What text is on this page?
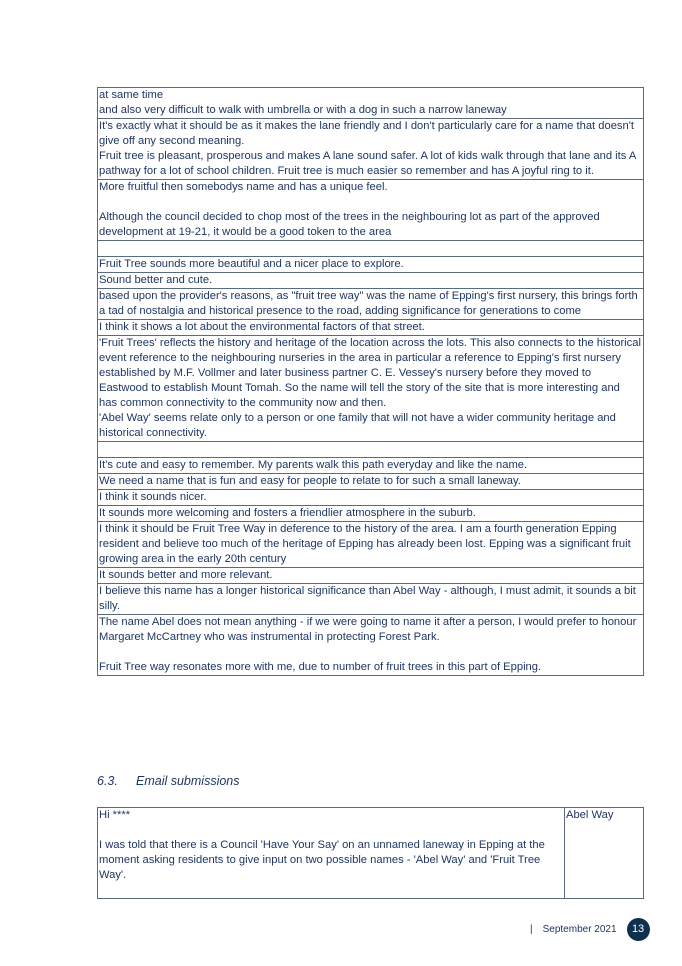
at same time
and also very difficult to walk with umbrella or with a dog in such a narrow laneway

It's exactly what it should be as it makes the lane friendly and I don't particularly care for a name that doesn't give off any second meaning.
Fruit tree is pleasant, prosperous and makes A lane sound safer. A lot of kids walk through that lane and its A pathway for a lot of school children. Fruit tree is much easier so remember and has A joyful ring to it.

More fruitful then somebodys name and has a unique feel.
Although the council decided to chop most of the trees in the neighbouring lot as part of the approved development at 19-21, it would be a good token to the area

Fruit Tree sounds more beautiful and a nicer place to explore.

Sound better and cute.

based upon the provider's reasons, as "fruit tree way" was the name of Epping's first nursery, this brings forth a tad of nostalgia and historical presence to the road, adding significance for generations to come

I think it shows a lot about the environmental factors of that street.

'Fruit Trees' reflects the history and heritage of the location across the lots. This also connects to the historical event reference to the neighbouring nurseries in the area in particular a reference to Epping's first nursery established by M.F. Vollmer and later business partner C. E. Vessey's nursery before they moved to Eastwood to establish Mount Tomah. So the name will tell the story of the site that is more interesting and has common connectivity to the community now and then.
'Abel Way' seems relate only to a person or one family that will not have a wider community heritage and historical connectivity.

It's cute and easy to remember. My parents walk this path everyday and like the name.

We need a name that is fun and easy for people to relate to for such a small laneway.

I think it sounds nicer.

It sounds more welcoming and fosters a friendlier atmosphere in the suburb.

I think it should be Fruit Tree Way in deference to the history of the area. I am a fourth generation Epping resident and believe too much of the heritage of Epping has already been lost. Epping was a significant fruit growing area in the early 20th century

It sounds better and more relevant.

I believe this name has a longer historical significance than Abel Way - although, I must admit, it sounds a bit silly.

The name Abel does not mean anything - if we were going to name it after a person, I would prefer to honour Margaret McCartney who was instrumental in protecting Forest Park.
Fruit Tree way resonates more with me, due to number of fruit trees in this part of Epping.
6.3. Email submissions
Hi ****
I was told that there is a Council 'Have Your Say' on an unnamed laneway in Epping at the moment asking residents to give input on two possible names - 'Abel Way' and 'Fruit Tree Way'.
	Abel Way
| September 2021	13
